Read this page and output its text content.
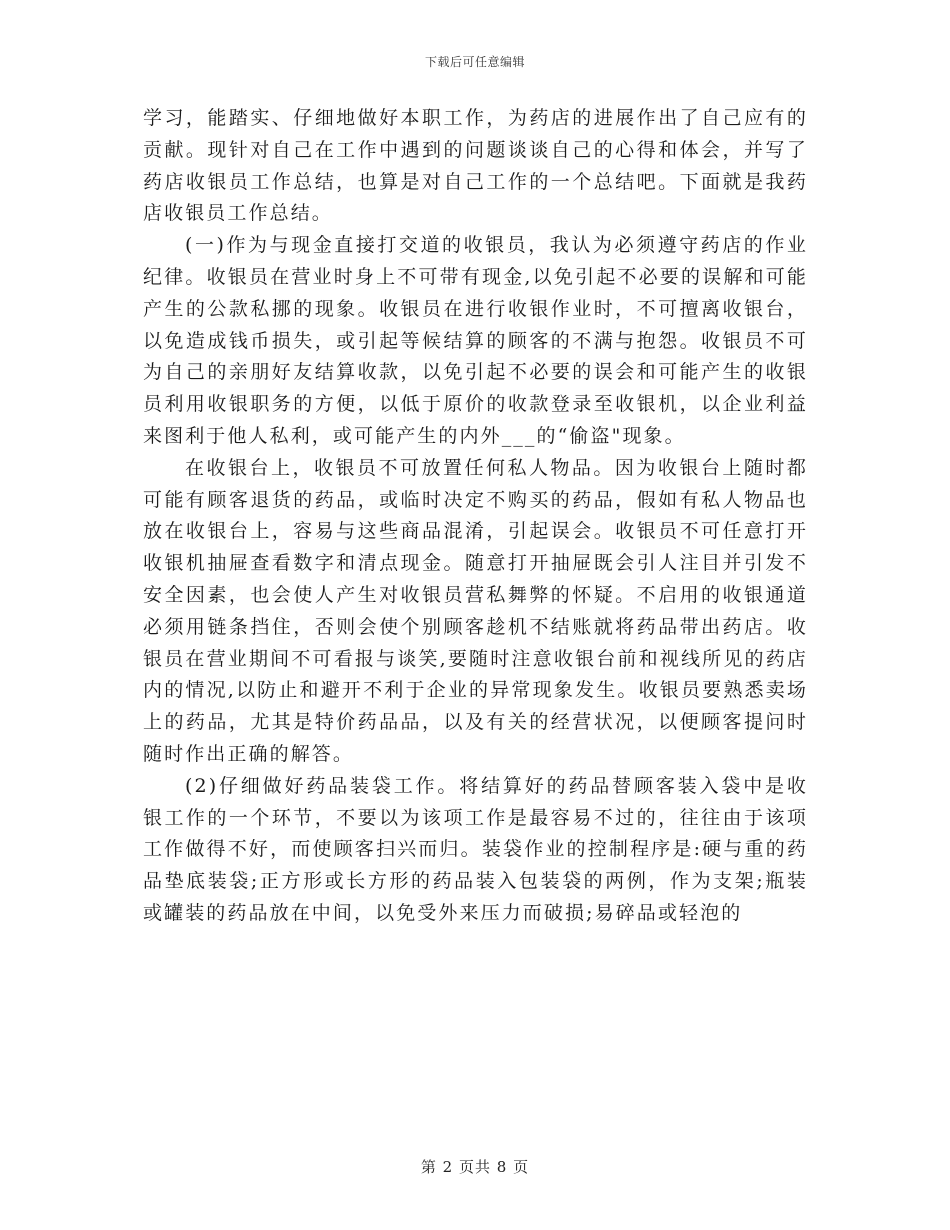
下载后可任意编辑

学习，能踏实、仔细地做好本职工作，为药店的进展作出了自己应有的贡献。现针对自己在工作中遇到的问题谈谈自己的心得和体会，并写了药店收银员工作总结，也算是对自己工作的一个总结吧。下面就是我药店收银员工作总结。

(一)作为与现金直接打交道的收银员，我认为必须遵守药店的作业纪律。收银员在营业时身上不可带有现金,以免引起不必要的误解和可能产生的公款私挪的现象。收银员在进行收银作业时，不可擅离收银台，以免造成钱币损失，或引起等候结算的顾客的不满与抱怨。收银员不可为自己的亲朋好友结算收款，以免引起不必要的误会和可能产生的收银员利用收银职务的方便，以低于原价的收款登录至收银机，以企业利益来图利于他人私利，或可能产生的内外___的“偷盗"现象。

在收银台上，收银员不可放置任何私人物品。因为收银台上随时都可能有顾客退货的药品，或临时决定不购买的药品，假如有私人物品也放在收银台上，容易与这些商品混淆，引起误会。收银员不可任意打开收银机抽屉查看数字和清点现金。随意打开抽屉既会引人注目并引发不安全因素，也会使人产生对收银员营私舞弊的怀疑。不启用的收银通道必须用链条挡住，否则会使个别顾客趁机不结账就将药品带出药店。收银员在营业期间不可看报与谈笑,要随时注意收银台前和视线所见的药店内的情况,以防止和避开不利于企业的异常现象发生。收银员要熟悉卖场上的药品，尤其是特价药品品，以及有关的经营状况，以便顾客提问时随时作出正确的解答。

(2)仔细做好药品装袋工作。将结算好的药品替顾客装入袋中是收银工作的一个环节，不要以为该项工作是最容易不过的，往往由于该项工作做得不好，而使顾客扫兴而归。装袋作业的控制程序是:硬与重的药品垫底装袋;正方形或长方形的药品装入包装袋的两例，作为支架;瓶装或罐装的药品放在中间，以免受外来压力而破损;易碎品或轻泡的

第 2 页共 8 页
